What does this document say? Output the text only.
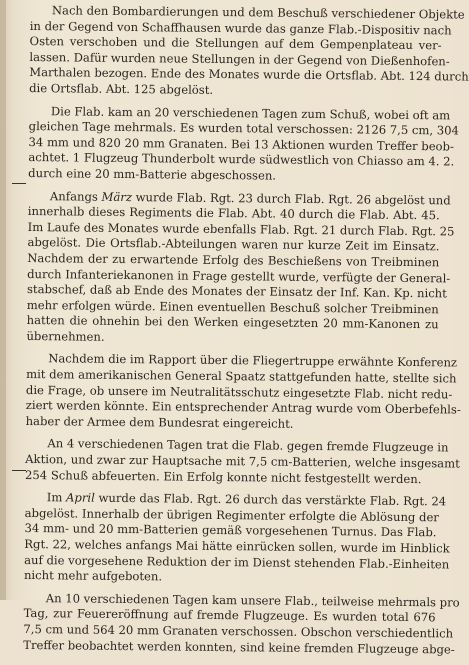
Nach den Bombardierungen und dem Beschuß verschiedener Objekte
in der Gegend von Schaffhausen wurde das ganze Flab.-Dispositiv nach
Osten verschoben und die Stellungen auf dem Gempenplateau ver-
lassen. Dafür wurden neue Stellungen in der Gegend von Dießenhofen-
Marthalen bezogen. Ende des Monates wurde die Ortsflab. Abt. 124 durch
die Ortsflab. Abt. 125 abgelöst.
Die Flab. kam an 20 verschiedenen Tagen zum Schuß, wobei oft am
gleichen Tage mehrmals. Es wurden total verschossen: 2126 7,5 cm, 304
34 mm und 820 20 mm Granaten. Bei 13 Aktionen wurden Treffer beob-
achtet. 1 Flugzeug Thunderbolt wurde südwestlich von Chiasso am 4. 2.
durch eine 20 mm-Batterie abgeschossen.
Anfangs März wurde Flab. Rgt. 23 durch Flab. Rgt. 26 abgelöst und
innerhalb dieses Regiments die Flab. Abt. 40 durch die Flab. Abt. 45.
Im Laufe des Monates wurde ebenfalls Flab. Rgt. 21 durch Flab. Rgt. 25
abgelöst. Die Ortsflab.-Abteilungen waren nur kurze Zeit im Einsatz.
Nachdem der zu erwartende Erfolg des Beschießens von Treibminen
durch Infanteriekanonen in Frage gestellt wurde, verfügte der General-
stabschef, daß ab Ende des Monates der Einsatz der Inf. Kan. Kp. nicht
mehr erfolgen würde. Einen eventuellen Beschuß solcher Treibminen
hatten die ohnehin bei den Werken eingesetzten 20 mm-Kanonen zu
übernehmen.
Nachdem die im Rapport über die Fliegertruppe erwähnte Konferenz
mit dem amerikanischen General Spaatz stattgefunden hatte, stellte sich
die Frage, ob unsere im Neutralitätsschutz eingesetzte Flab. nicht redu-
ziert werden könnte. Ein entsprechender Antrag wurde vom Oberbefehls-
haber der Armee dem Bundesrat eingereicht.
An 4 verschiedenen Tagen trat die Flab. gegen fremde Flugzeuge in
Aktion, und zwar zur Hauptsache mit 7,5 cm-Batterien, welche insgesamt
254 Schuß abfeuerten. Ein Erfolg konnte nicht festgestellt werden.
Im April wurde das Flab. Rgt. 26 durch das verstärkte Flab. Rgt. 24
abgelöst. Innerhalb der übrigen Regimenter erfolgte die Ablösung der
34 mm- und 20 mm-Batterien gemäß vorgesehenen Turnus. Das Flab.
Rgt. 22, welches anfangs Mai hätte einrücken sollen, wurde im Hinblick
auf die vorgesehene Reduktion der im Dienst stehenden Flab.-Einheiten
nicht mehr aufgeboten.
An 10 verschiedenen Tagen kam unsere Flab., teilweise mehrmals pro
Tag, zur Feuereröffnung auf fremde Flugzeuge. Es wurden total 676
7,5 cm und 564 20 mm Granaten verschossen. Obschon verschiedentlich
Treffer beobachtet werden konnten, sind keine fremden Flugzeuge abge-
